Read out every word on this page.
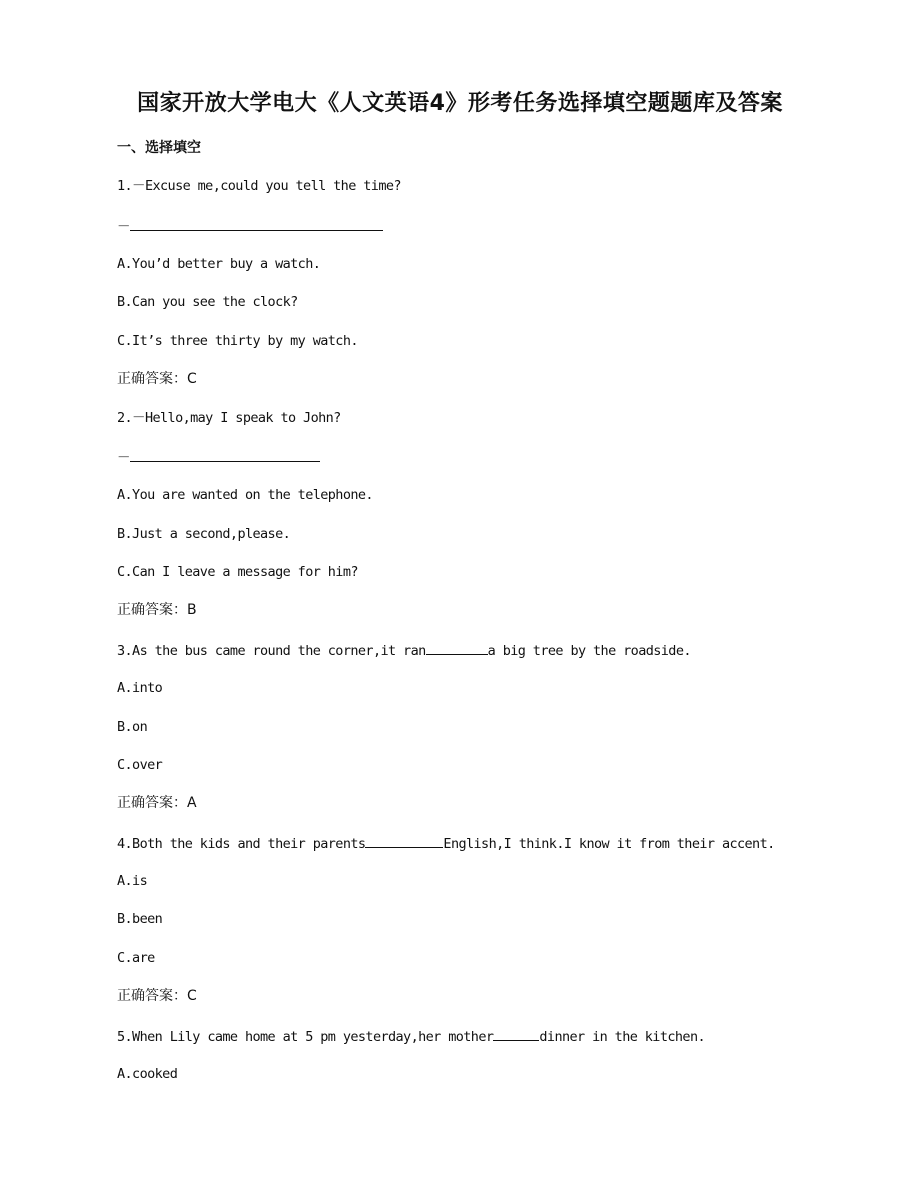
国家开放大学电大《人文英语4》形考任务选择填空题题库及答案
一、选择填空
1.－Excuse me,could you tell the time?
－
A.You’d better buy a watch.
B.Can you see the clock?
C.It’s three thirty by my watch.
正确答案：C
2.－Hello,may I speak to John?
－
A.You are wanted on the telephone.
B.Just a second,please.
C.Can I leave a message for him?
正确答案：B
3.As the bus came round the corner,it ran	a big tree by the roadside.
A.into
B.on
C.over
正确答案：A
4.Both the kids and their parents	English,I think.I know it from their accent.
A.is
B.been
C.are
正确答案：C
5.When Lily came home at 5 pm yesterday,her mother	dinner in the kitchen.
A.cooked
